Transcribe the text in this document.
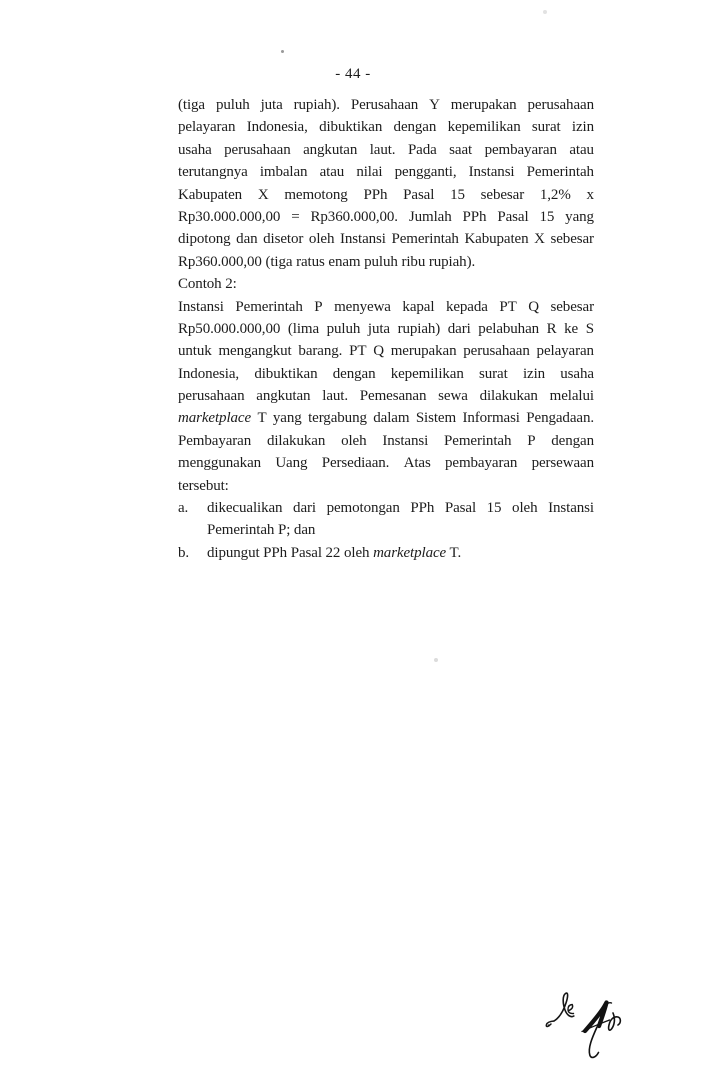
- 44 -
(tiga puluh juta rupiah). Perusahaan Y merupakan perusahaan
pelayaran Indonesia, dibuktikan dengan kepemilikan surat izin
usaha perusahaan angkutan laut. Pada saat pembayaran atau
terutangnya imbalan atau nilai pengganti, Instansi Pemerintah
Kabupaten X memotong PPh Pasal 15 sebesar 1,2% x
Rp30.000.000,00 = Rp360.000,00. Jumlah PPh Pasal 15 yang
dipotong dan disetor oleh Instansi Pemerintah Kabupaten X sebesar
Rp360.000,00 (tiga ratus enam puluh ribu rupiah).
Contoh 2:
Instansi Pemerintah P menyewa kapal kepada PT Q sebesar
Rp50.000.000,00 (lima puluh juta rupiah) dari pelabuhan R ke S
untuk mengangkut barang. PT Q merupakan perusahaan pelayaran
Indonesia, dibuktikan dengan kepemilikan surat izin usaha
perusahaan angkutan laut. Pemesanan sewa dilakukan melalui
marketplace T yang tergabung dalam Sistem Informasi Pengadaan.
Pembayaran dilakukan oleh Instansi Pemerintah P dengan
menggunakan Uang Persediaan. Atas pembayaran persewaan
tersebut:
a.	dikecualikan dari pemotongan PPh Pasal 15 oleh Instansi
Pemerintah P; dan
b.	dipungut PPh Pasal 22 oleh marketplace T.
